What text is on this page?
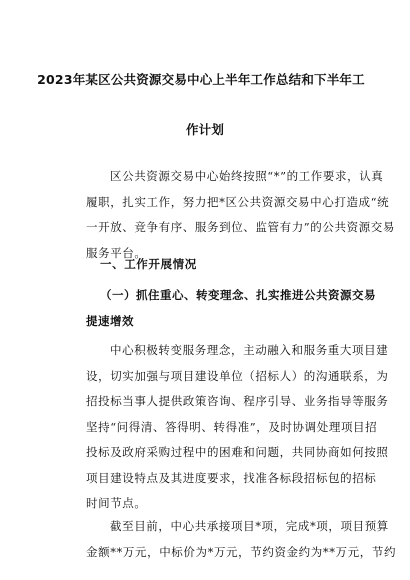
2023年某区公共资源交易中心上半年工作总结和下半年工
作计划
区公共资源交易中心始终按照“*”的工作要求，认真
履职，扎实工作，努力把*区公共资源交易中心打造成“统
一开放、竞争有序、服务到位、监管有力”的公共资源交易
服务平台。
一、工作开展情况
（一）抓住重心、转变理念、扎实推进公共资源交易
提速增效
中心积极转变服务理念，主动融入和服务重大项目建
设，切实加强与项目建设单位（招标人）的沟通联系，为
招投标当事人提供政策咨询、程序引导、业务指导等服务
坚持“问得清、答得明、转得准”，及时协调处理项目招
投标及政府采购过程中的困难和问题，共同协商如何按照
项目建设特点及其进度要求，找准各标段招标包的招标
时间节点。
截至目前，中心共承接项目*项，完成*项，项目预算
金额**万元，中标价为*万元，节约资金约为**万元，节约
